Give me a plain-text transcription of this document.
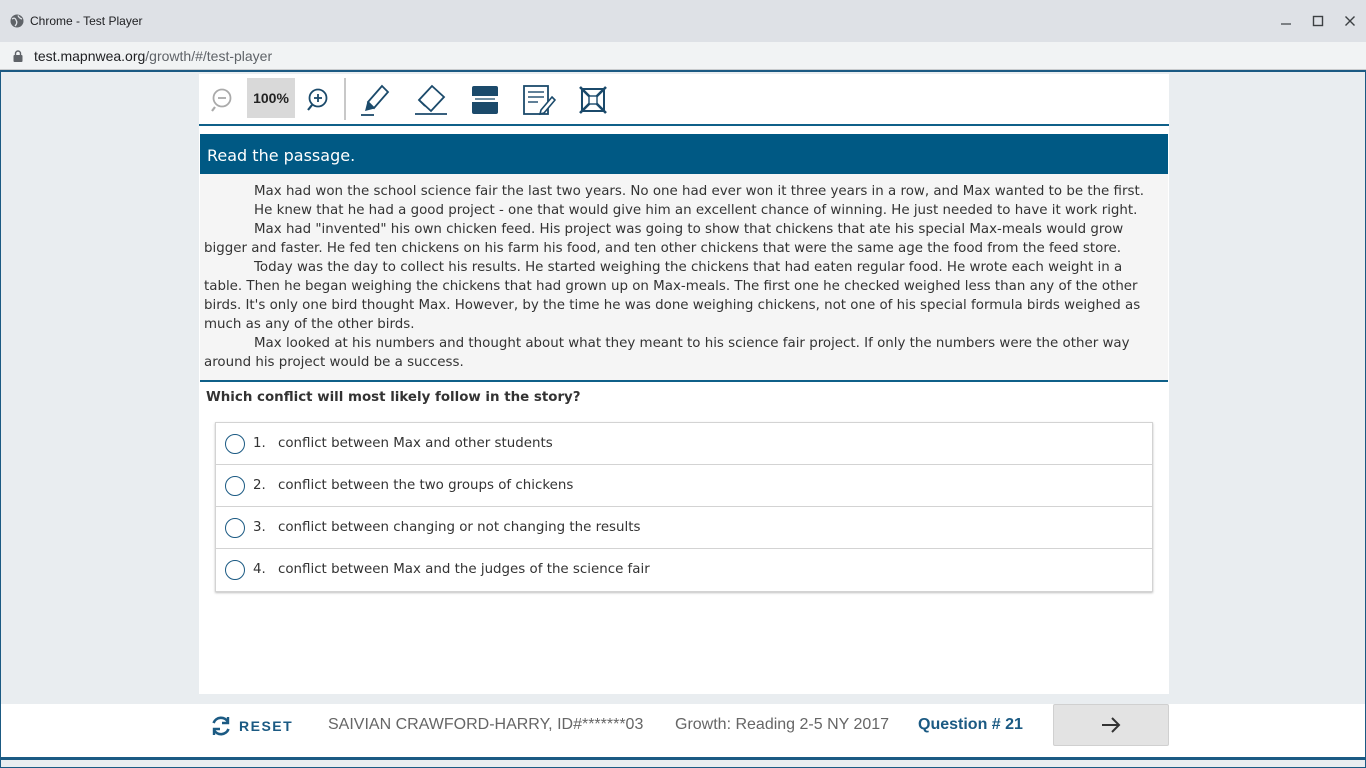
Chrome - Test Player
test.mapnwea.org/growth/#/test-player
100%
Read the passage.

Max had won the school science fair the last two years. No one had ever won it three years in a row, and Max wanted to be the first.

He knew that he had a good project - one that would give him an excellent chance of winning. He just needed to have it work right.

Max had "invented" his own chicken feed. His project was going to show that chickens that ate his special Max-meals would grow bigger and faster. He fed ten chickens on his farm his food, and ten other chickens that were the same age the food from the feed store.

Today was the day to collect his results. He started weighing the chickens that had eaten regular food. He wrote each weight in a table. Then he began weighing the chickens that had grown up on Max-meals. The first one he checked weighed less than any of the other birds. It's only one bird thought Max. However, by the time he was done weighing chickens, not one of his special formula birds weighed as much as any of the other birds.

Max looked at his numbers and thought about what they meant to his science fair project. If only the numbers were the other way around his project would be a success.

Which conflict will most likely follow in the story?
1. conflict between Max and other students
2. conflict between the two groups of chickens
3. conflict between changing or not changing the results
4. conflict between Max and the judges of the science fair
RESET SAIVIAN CRAWFORD-HARRY, ID#*******03 Growth: Reading 2-5 NY 2017 Question # 21
